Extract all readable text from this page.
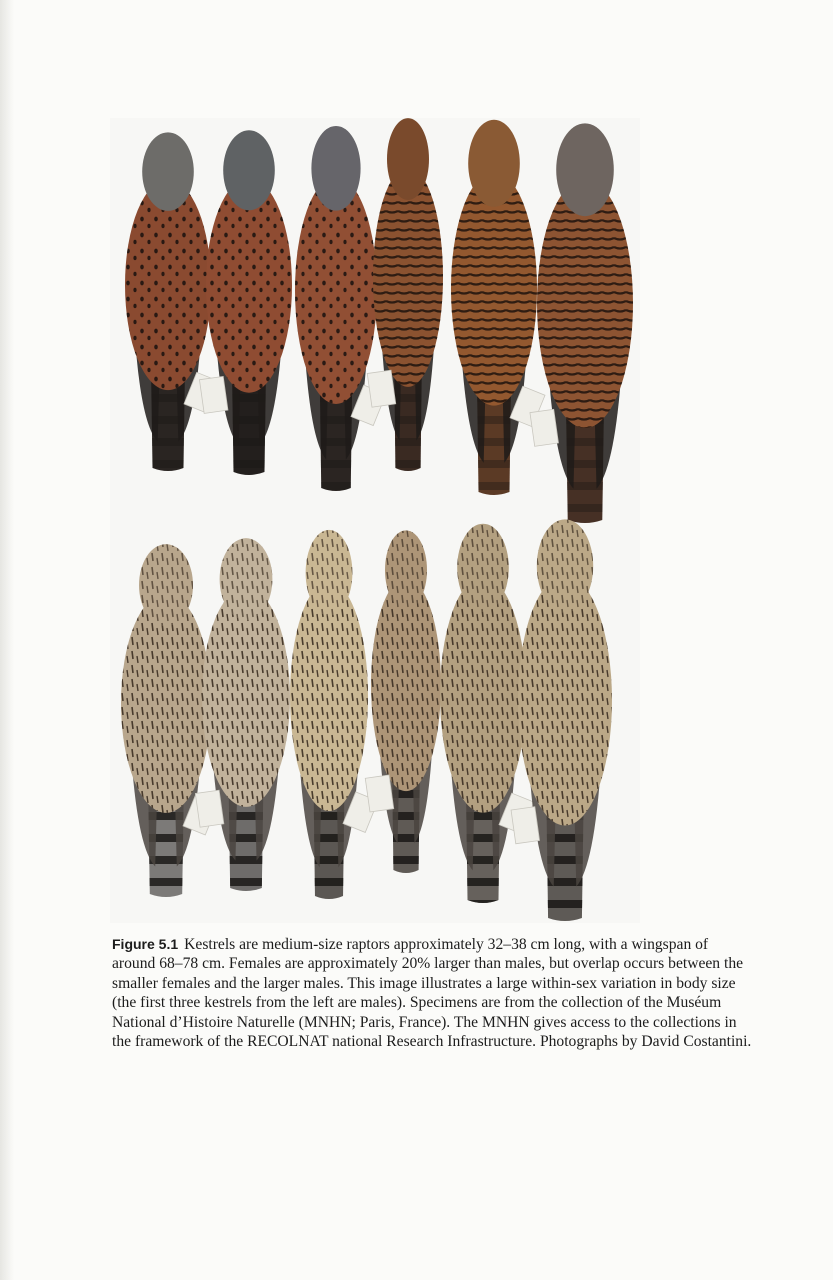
Figure 5.1 Kestrels are medium-size raptors approximately 32–38 cm long, with a wingspan of around 68–78 cm. Females are approximately 20% larger than males, but overlap occurs between the smaller females and the larger males. This image illustrates a large within-sex variation in body size (the first three kestrels from the left are males). Specimens are from the collection of the Muséum National d’Histoire Naturelle (MNHN; Paris, France). The MNHN gives access to the collections in the framework of the RECOLNAT national Research Infrastructure. Photographs by David Costantini.
